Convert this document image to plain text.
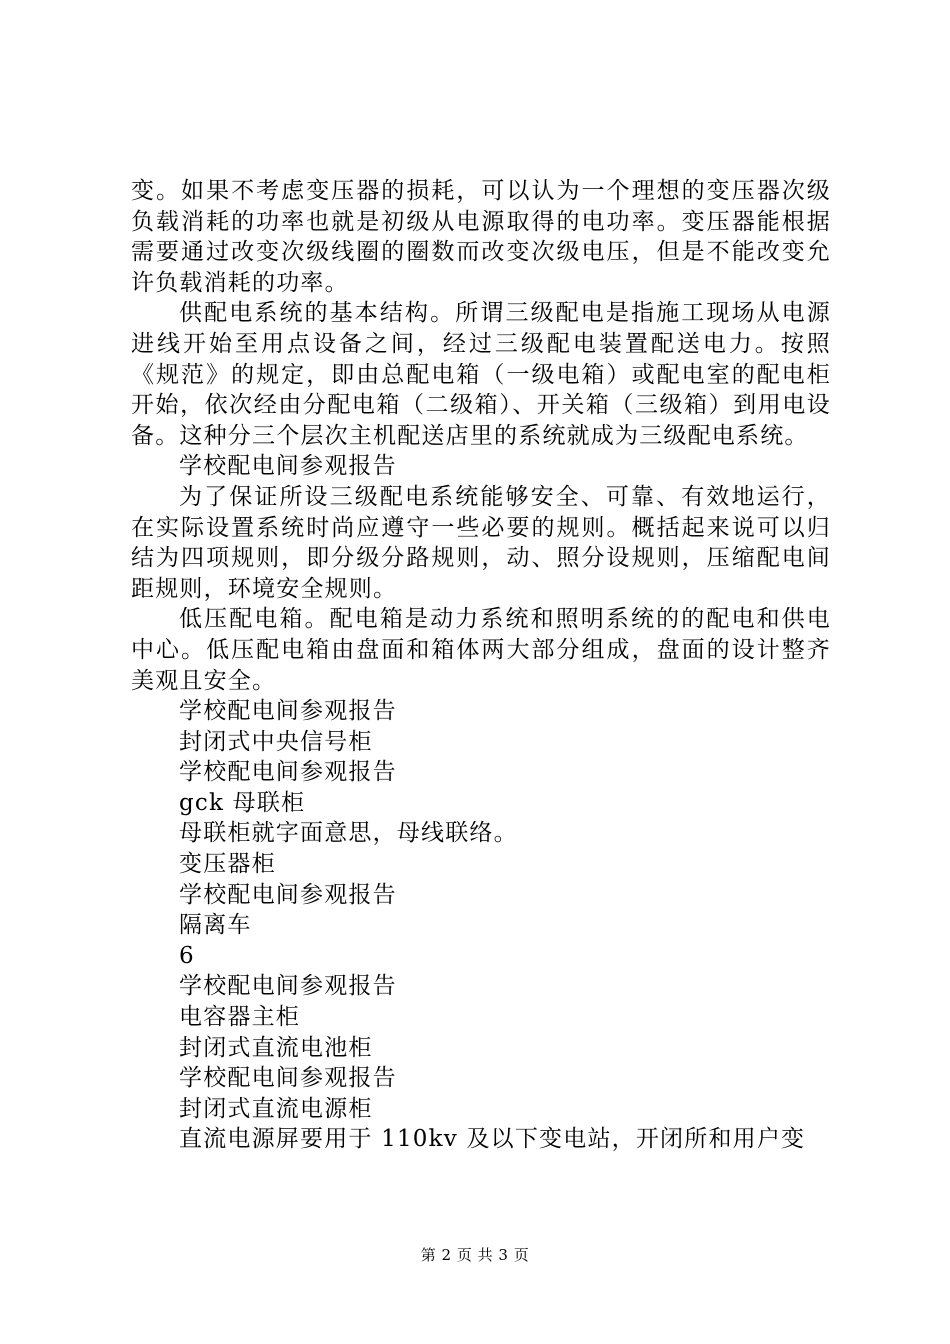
变。如果不考虑变压器的损耗，可以认为一个理想的变压器次级负载消耗的功率也就是初级从电源取得的电功率。变压器能根据需要通过改变次级线圈的圈数而改变次级电压，但是不能改变允许负载消耗的功率。

供配电系统的基本结构。所谓三级配电是指施工现场从电源进线开始至用点设备之间，经过三级配电装置配送电力。按照《规范》的规定，即由总配电箱（一级电箱）或配电室的配电柜开始，依次经由分配电箱（二级箱）、开关箱（三级箱）到用电设备。这种分三个层次主机配送店里的系统就成为三级配电系统。

学校配电间参观报告

为了保证所设三级配电系统能够安全、可靠、有效地运行，在实际设置系统时尚应遵守一些必要的规则。概括起来说可以归结为四项规则，即分级分路规则，动、照分设规则，压缩配电间距规则，环境安全规则。

低压配电箱。配电箱是动力系统和照明系统的的配电和供电中心。低压配电箱由盘面和箱体两大部分组成，盘面的设计整齐美观且安全。

学校配电间参观报告

封闭式中央信号柜

学校配电间参观报告

gck 母联柜

母联柜就字面意思，母线联络。

变压器柜

学校配电间参观报告

隔离车

6

学校配电间参观报告

电容器主柜

封闭式直流电池柜

学校配电间参观报告

封闭式直流电源柜

直流电源屏要用于 110kv 及以下变电站，开闭所和用户变

第 2 页 共 3 页
